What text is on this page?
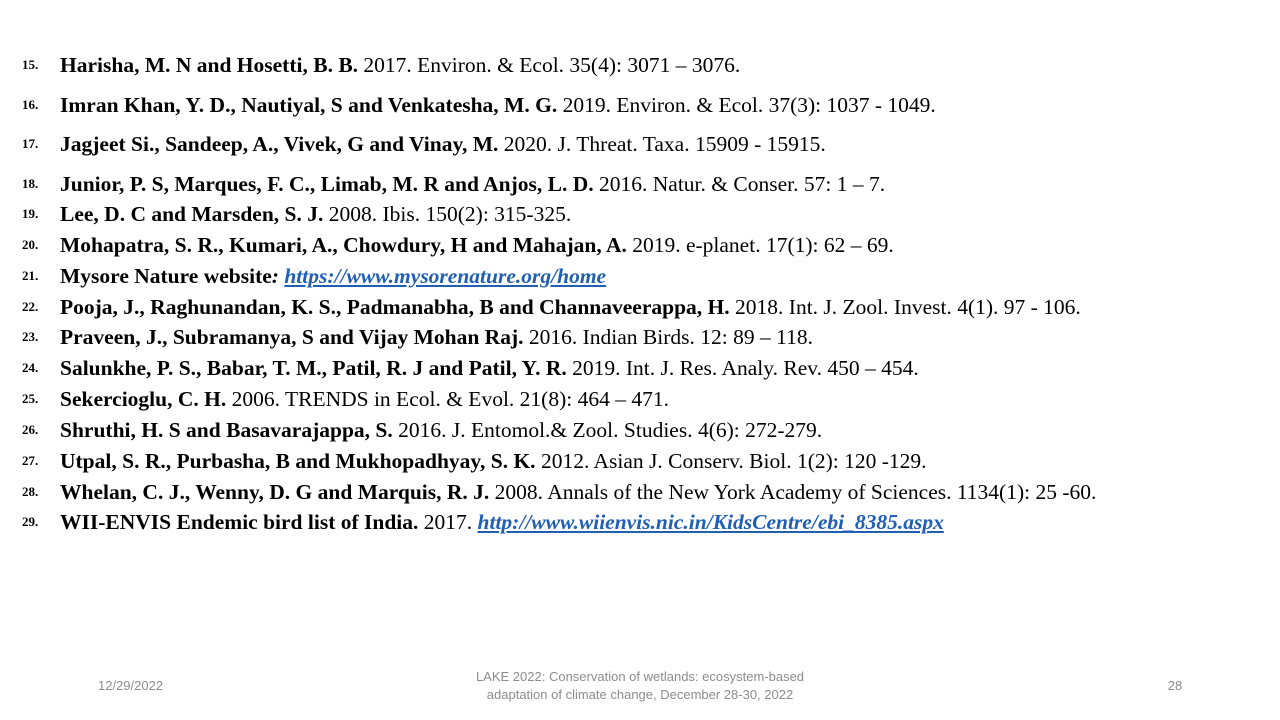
15.	Harisha, M. N and Hosetti, B. B. 2017. Environ. & Ecol. 35(4): 3071 – 3076.
16.	Imran Khan, Y. D., Nautiyal, S and Venkatesha, M. G. 2019. Environ. & Ecol. 37(3): 1037 - 1049.
17.	Jagjeet Si., Sandeep, A., Vivek, G and Vinay, M. 2020. J. Threat. Taxa. 15909 - 15915.
18.	Junior, P. S, Marques, F. C., Limab, M. R and Anjos, L. D. 2016. Natur. & Conser. 57: 1 – 7.
19.	Lee, D. C and Marsden, S. J. 2008. Ibis. 150(2): 315-325.
20.	Mohapatra, S. R., Kumari, A., Chowdury, H and Mahajan, A. 2019. e-planet. 17(1): 62 – 69.
21.	Mysore Nature website: https://www.mysorenature.org/home
22.	Pooja, J., Raghunandan, K. S., Padmanabha, B and Channaveerappa, H. 2018. Int. J. Zool. Invest. 4(1). 97 - 106.
23.	Praveen, J., Subramanya, S and Vijay Mohan Raj. 2016. Indian Birds. 12: 89 – 118.
24.	Salunkhe, P. S., Babar, T. M., Patil, R. J and Patil, Y. R. 2019. Int. J. Res. Analy. Rev. 450 – 454.
25.	Sekercioglu, C. H. 2006. TRENDS in Ecol. & Evol. 21(8): 464 – 471.
26.	Shruthi, H. S and Basavarajappa, S. 2016. J. Entomol.& Zool. Studies. 4(6): 272-279.
27.	Utpal, S. R., Purbasha, B and Mukhopadhyay, S. K. 2012. Asian J. Conserv. Biol. 1(2): 120 -129.
28.	Whelan, C. J., Wenny, D. G and Marquis, R. J. 2008. Annals of the New York Academy of Sciences. 1134(1): 25 -60.
29.	WII-ENVIS Endemic bird list of India. 2017. http://www.wiienvis.nic.in/KidsCentre/ebi_8385.aspx
12/29/2022
LAKE 2022: Conservation of wetlands: ecosystem-based
adaptation of climate change, December 28-30, 2022
28
